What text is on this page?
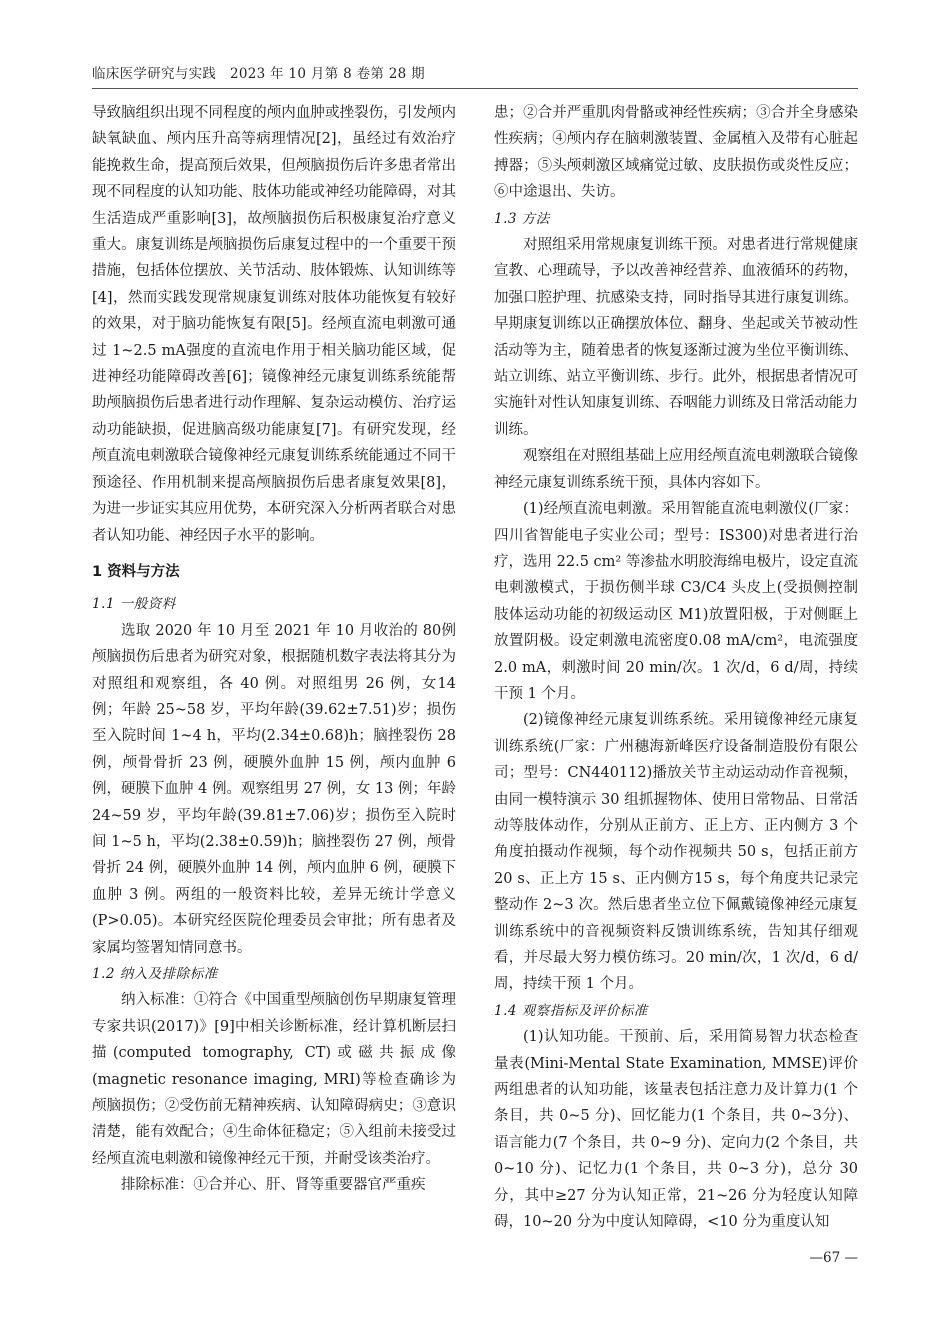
临床医学研究与实践　2023 年 10 月第 8 卷第 28 期

导致脑组织出现不同程度的颅内血肿或挫裂伤，引发颅内缺氧缺血、颅内压升高等病理情况[2]，虽经过有效治疗能挽救生命，提高预后效果，但颅脑损伤后许多患者常出现不同程度的认知功能、肢体功能或神经功能障碍，对其生活造成严重影响[3]，故颅脑损伤后积极康复治疗意义重大。康复训练是颅脑损伤后康复过程中的一个重要干预措施，包括体位摆放、关节活动、肢体锻炼、认知训练等[4]，然而实践发现常规康复训练对肢体功能恢复有较好的效果，对于脑功能恢复有限[5]。经颅直流电刺激可通过 1~2.5 mA强度的直流电作用于相关脑功能区域，促进神经功能障碍改善[6]；镜像神经元康复训练系统能帮助颅脑损伤后患者进行动作理解、复杂运动模仿、治疗运动功能缺损，促进脑高级功能康复[7]。有研究发现，经颅直流电刺激联合镜像神经元康复训练系统能通过不同干预途径、作用机制来提高颅脑损伤后患者康复效果[8]，为进一步证实其应用优势，本研究深入分析两者联合对患者认知功能、神经因子水平的影响。

1 资料与方法
1.1 一般资料

选取 2020 年 10 月至 2021 年 10 月收治的 80例颅脑损伤后患者为研究对象，根据随机数字表法将其分为对照组和观察组，各 40 例。对照组男 26 例，女14 例；年龄 25~58 岁，平均年龄(39.62±7.51)岁；损伤至入院时间 1~4 h，平均(2.34±0.68)h；脑挫裂伤 28 例，颅骨骨折 23 例，硬膜外血肿 15 例，颅内血肿 6 例，硬膜下血肿 4 例。观察组男 27 例，女 13 例；年龄 24~59 岁，平均年龄(39.81±7.06)岁；损伤至入院时间 1~5 h，平均(2.38±0.59)h；脑挫裂伤 27 例，颅骨骨折 24 例，硬膜外血肿 14 例，颅内血肿 6 例，硬膜下血肿 3 例。两组的一般资料比较，差异无统计学意义(P>0.05)。本研究经医院伦理委员会审批；所有患者及家属均签署知情同意书。

1.2 纳入及排除标准

纳入标准：①符合《中国重型颅脑创伤早期康复管理专家共识(2017)》[9]中相关诊断标准，经计算机断层扫描(computed tomography, CT)或磁共振成像(magnetic resonance imaging, MRI)等检查确诊为颅脑损伤；②受伤前无精神疾病、认知障碍病史；③意识清楚，能有效配合；④生命体征稳定；⑤入组前未接受过经颅直流电刺激和镜像神经元干预，并耐受该类治疗。

排除标准：①合并心、肝、肾等重要器官严重疾

患；②合并严重肌肉骨骼或神经性疾病；③合并全身感染性疾病；④颅内存在脑刺激装置、金属植入及带有心脏起搏器；⑤头颅刺激区域痛觉过敏、皮肤损伤或炎性反应；⑥中途退出、失访。

1.3 方法

对照组采用常规康复训练干预。对患者进行常规健康宣教、心理疏导，予以改善神经营养、血液循环的药物，加强口腔护理、抗感染支持，同时指导其进行康复训练。早期康复训练以正确摆放体位、翻身、坐起或关节被动性活动等为主，随着患者的恢复逐渐过渡为坐位平衡训练、站立训练、站立平衡训练、步行。此外，根据患者情况可实施针对性认知康复训练、吞咽能力训练及日常活动能力训练。

观察组在对照组基础上应用经颅直流电刺激联合镜像神经元康复训练系统干预，具体内容如下。

(1)经颅直流电刺激。采用智能直流电刺激仪(厂家：四川省智能电子实业公司；型号：IS300)对患者进行治疗，选用 22.5 cm² 等渗盐水明胶海绵电极片，设定直流电刺激模式，于损伤侧半球 C3/C4 头皮上(受损侧控制肢体运动功能的初级运动区 M1)放置阳极，于对侧眶上放置阴极。设定刺激电流密度0.08 mA/cm²，电流强度 2.0 mA，刺激时间 20 min/次。1 次/d，6 d/周，持续干预 1 个月。

(2)镜像神经元康复训练系统。采用镜像神经元康复训练系统(厂家：广州穗海新峰医疗设备制造股份有限公司；型号：CN440112)播放关节主动运动动作音视频，由同一模特演示 30 组抓握物体、使用日常物品、日常活动等肢体动作，分别从正前方、正上方、正内侧方 3 个角度拍摄动作视频，每个动作视频共 50 s，包括正前方 20 s、正上方 15 s、正内侧方15 s，每个角度共记录完整动作 2~3 次。然后患者坐立位下佩戴镜像神经元康复训练系统中的音视频资料反馈训练系统，告知其仔细观看，并尽最大努力模仿练习。20 min/次，1 次/d，6 d/周，持续干预 1 个月。

1.4 观察指标及评价标准

(1)认知功能。干预前、后，采用简易智力状态检查量表(Mini-Mental State Examination, MMSE)评价两组患者的认知功能，该量表包括注意力及计算力(1 个条目，共 0~5 分)、回忆能力(1 个条目，共 0~3分)、语言能力(7 个条目，共 0~9 分)、定向力(2 个条目，共 0~10 分)、记忆力(1 个条目，共 0~3 分)，总分 30分，其中≥27 分为认知正常，21~26 分为轻度认知障碍，10~20 分为中度认知障碍，<10 分为重度认知

—67 —
